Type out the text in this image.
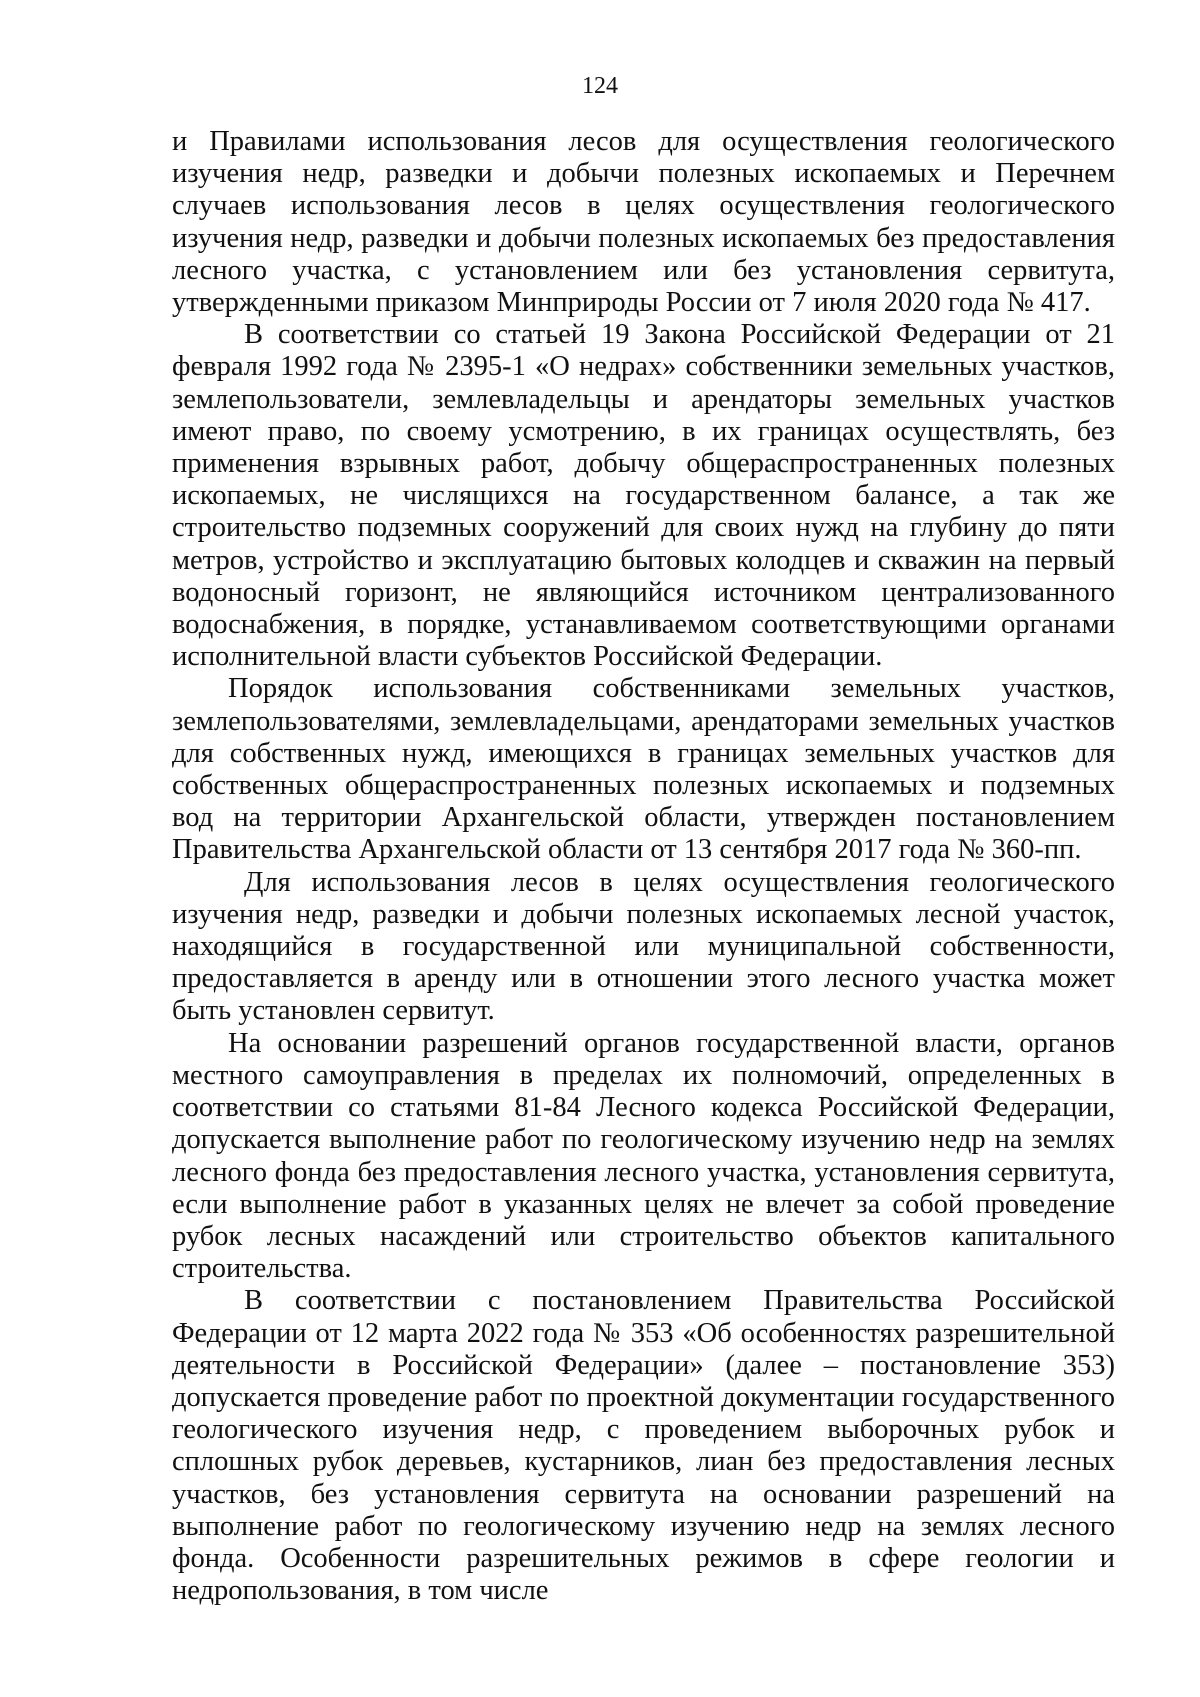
124

и Правилами использования лесов для осуществления геологического изучения недр, разведки и добычи полезных ископаемых и Перечнем случаев использования лесов в целях осуществления геологического изучения недр, разведки и добычи полезных ископаемых без предоставления лесного участка, с установлением или без установления сервитута, утвержденными приказом Минприроды России от 7 июля 2020 года № 417.

В соответствии со статьей 19 Закона Российской Федерации от 21 февраля 1992 года № 2395-1 «О недрах» собственники земельных участков, землепользователи, землевладельцы и арендаторы земельных участков имеют право, по своему усмотрению, в их границах осуществлять, без применения взрывных работ, добычу общераспространенных полезных ископаемых, не числящихся на государственном балансе, а так же строительство подземных сооружений для своих нужд на глубину до пяти метров, устройство и эксплуатацию бытовых колодцев и скважин на первый водоносный горизонт, не являющийся источником централизованного водоснабжения, в порядке, устанавливаемом соответствующими органами исполнительной власти субъектов Российской Федерации.

Порядок использования собственниками земельных участков, землепользователями, землевладельцами, арендаторами земельных участков для собственных нужд, имеющихся в границах земельных участков для собственных общераспространенных полезных ископаемых и подземных вод на территории Архангельской области, утвержден постановлением Правительства Архангельской области от 13 сентября 2017 года № 360-пп.

Для использования лесов в целях осуществления геологического изучения недр, разведки и добычи полезных ископаемых лесной участок, находящийся в государственной или муниципальной собственности, предоставляется в аренду или в отношении этого лесного участка может быть установлен сервитут.

На основании разрешений органов государственной власти, органов местного самоуправления в пределах их полномочий, определенных в соответствии со статьями 81-84 Лесного кодекса Российской Федерации, допускается выполнение работ по геологическому изучению недр на землях лесного фонда без предоставления лесного участка, установления сервитута, если выполнение работ в указанных целях не влечет за собой проведение рубок лесных насаждений или строительство объектов капитального строительства.

В соответствии с постановлением Правительства Российской Федерации от 12 марта 2022 года № 353 «Об особенностях разрешительной деятельности в Российской Федерации» (далее – постановление 353) допускается проведение работ по проектной документации государственного геологического изучения недр, с проведением выборочных рубок и сплошных рубок деревьев, кустарников, лиан без предоставления лесных участков, без установления сервитута на основании разрешений на выполнение работ по геологическому изучению недр на землях лесного фонда. Особенности разрешительных режимов в сфере геологии и недропользования, в том числе
